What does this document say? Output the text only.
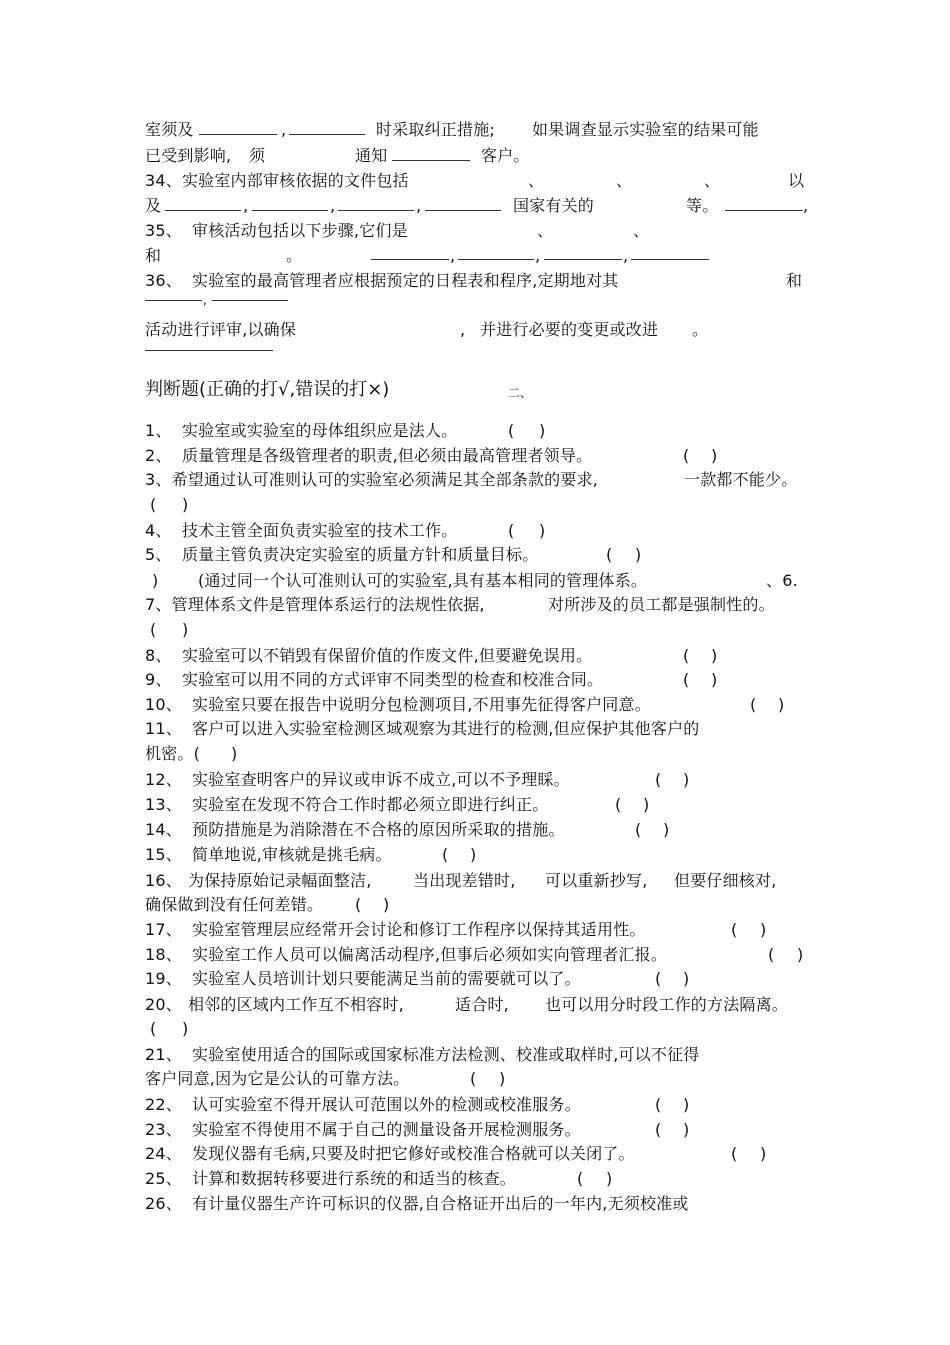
室须及	,	时采取纠正措施; 如果调查显示实验室的结果可能
已受到影响, 须	通知	客户。
34、实验室内部审核依据的文件包括	、	、	、	以
及	,	,	,	国家有关的	等。	,
35、 审核活动包括以下步骤,它们是	、	、
和	。	,	,	,
36、 实验室的最高管理者应根据预定的日程表和程序,定期地对其	和
,
活动进行评审,以确保	, 并进行必要的变更或改进 。
判断题(正确的打√,错误的打×)	二、
1、 实验室或实验室的母体组织应是法人。	( )
2、 质量管理是各级管理者的职责,但必须由最高管理者领导。	( )
3、希望通过认可准则认可的实验室必须满足其全部条款的要求,	一款都不能少。
( )
4、 技术主管全面负责实验室的技术工作。	( )
5、 质量主管负责决定实验室的质量方针和质量目标。	( )
) (通过同一个认可准则认可的实验室,具有基本相同的管理体系。	、6.
7、管理体系文件是管理体系运行的法规性依据,	对所涉及的员工都是强制性的。
( )
8、 实验室可以不销毁有保留价值的作废文件,但要避免误用。	( )
9、 实验室可以用不同的方式评审不同类型的检查和校准合同。	( )
10、 实验室只要在报告中说明分包检测项目,不用事先征得客户同意。	( )
11、 客户可以进入实验室检测区域观察为其进行的检测,但应保护其他客户的
机密。( )
12、 实验室查明客户的异议或申诉不成立,可以不予理睬。	( )
13、 实验室在发现不符合工作时都必须立即进行纠正。	( )
14、 预防措施是为消除潜在不合格的原因所采取的措施。	( )
15、 简单地说,审核就是挑毛病。	( )
16、 为保持原始记录幅面整洁,	当出现差错时, 可以重新抄写, 但要仔细核对,
确保做到没有任何差错。 ( )
17、 实验室管理层应经常开会讨论和修订工作程序以保持其适用性。	( )
18、 实验室工作人员可以偏离活动程序,但事后必须如实向管理者汇报。	( )
19、 实验室人员培训计划只要能满足当前的需要就可以了。	( )
20、 相邻的区域内工作互不相容时,	适合时, 也可以用分时段工作的方法隔离。
( )
21、 实验室使用适合的国际或国家标准方法检测、校准或取样时,可以不征得
客户同意,因为它是公认的可靠方法。	( )
22、 认可实验室不得开展认可范围以外的检测或校准服务。	( )
23、 实验室不得使用不属于自己的测量设备开展检测服务。	( )
24、 发现仪器有毛病,只要及时把它修好或校准合格就可以关闭了。	( )
25、 计算和数据转移要进行系统的和适当的核查。	( )
26、 有计量仪器生产许可标识的仪器,自合格证开出后的一年内,无须校准或
